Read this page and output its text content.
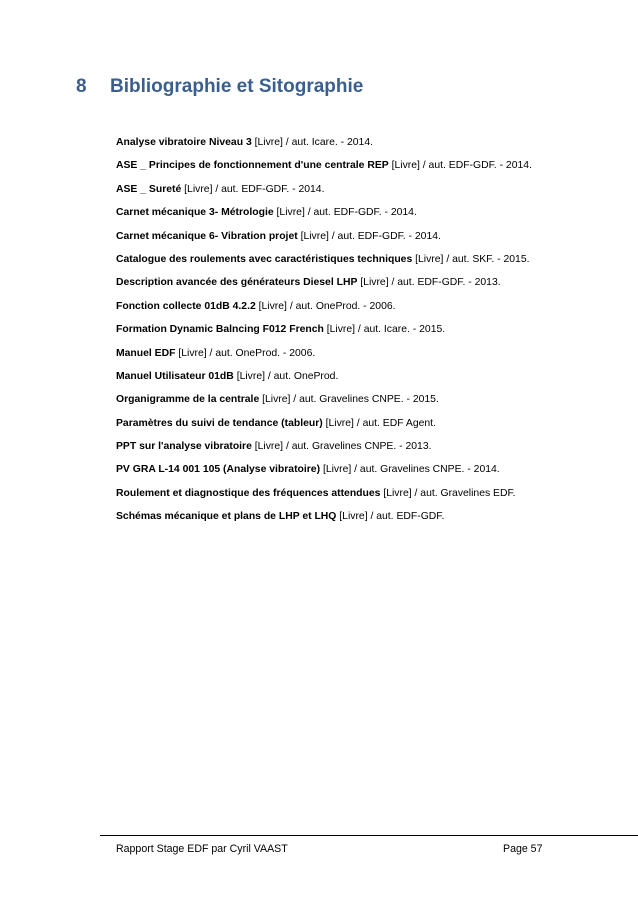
8 Bibliographie et Sitographie
Analyse vibratoire Niveau 3 [Livre] / aut. Icare. - 2014.
ASE _ Principes de fonctionnement d'une centrale REP [Livre] / aut. EDF-GDF. - 2014.
ASE _ Sureté [Livre] / aut. EDF-GDF. - 2014.
Carnet mécanique 3- Métrologie [Livre] / aut. EDF-GDF. - 2014.
Carnet mécanique 6- Vibration projet [Livre] / aut. EDF-GDF. - 2014.
Catalogue des roulements avec caractéristiques techniques [Livre] / aut. SKF. - 2015.
Description avancée des générateurs Diesel LHP [Livre] / aut. EDF-GDF. - 2013.
Fonction collecte 01dB 4.2.2 [Livre] / aut. OneProd. - 2006.
Formation Dynamic Balncing F012 French [Livre] / aut. Icare. - 2015.
Manuel EDF [Livre] / aut. OneProd. - 2006.
Manuel Utilisateur 01dB [Livre] / aut. OneProd.
Organigramme de la centrale [Livre] / aut. Gravelines CNPE. - 2015.
Paramètres du suivi de tendance (tableur) [Livre] / aut. EDF Agent.
PPT sur l'analyse vibratoire [Livre] / aut. Gravelines CNPE. - 2013.
PV GRA L-14 001 105 (Analyse vibratoire) [Livre] / aut. Gravelines CNPE. - 2014.
Roulement et diagnostique des fréquences attendues [Livre] / aut. Gravelines EDF.
Schémas mécanique et plans de LHP et LHQ [Livre] / aut. EDF-GDF.
Rapport Stage EDF par Cyril VAAST	Page 57
